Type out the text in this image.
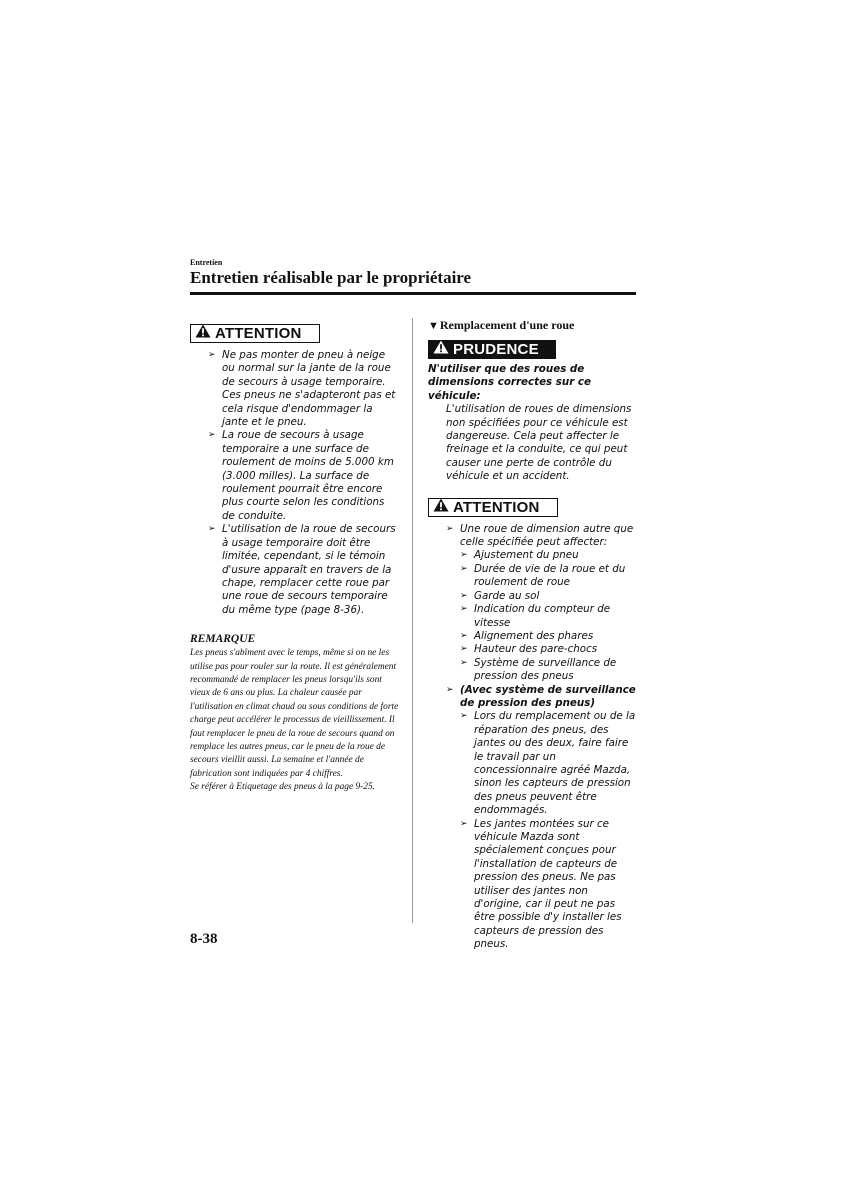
Entretien
Entretien réalisable par le propriétaire
ATTENTION
➢ Ne pas monter de pneu à neige ou normal sur la jante de la roue de secours à usage temporaire. Ces pneus ne s'adapteront pas et cela risque d'endommager la jante et le pneu.
➢ La roue de secours à usage temporaire a une surface de roulement de moins de 5.000 km (3.000 milles). La surface de roulement pourrait être encore plus courte selon les conditions de conduite.
➢ L'utilisation de la roue de secours à usage temporaire doit être limitée, cependant, si le témoin d'usure apparaît en travers de la chape, remplacer cette roue par une roue de secours temporaire du même type (page 8-36).
REMARQUE

Les pneus s'abîment avec le temps, même si on ne les utilise pas pour rouler sur la route. Il est généralement recommandé de remplacer les pneus lorsqu'ils sont vieux de 6 ans ou plus. La chaleur causée par l'utilisation en climat chaud ou sous conditions de forte charge peut accélérer le processus de vieillissement. Il faut remplacer le pneu de la roue de secours quand on remplace les autres pneus, car le pneu de la roue de secours vieillit aussi. La semaine et l'année de fabrication sont indiquées par 4 chiffres.

Se référer à Etiquetage des pneus à la page 9-25.

▼Remplacement d'une roue
PRUDENCE
N'utiliser que des roues de dimensions correctes sur ce véhicule:
L'utilisation de roues de dimensions non spécifiées pour ce véhicule est dangereuse. Cela peut affecter le freinage et la conduite, ce qui peut causer une perte de contrôle du véhicule et un accident.
ATTENTION
➢ Une roue de dimension autre que celle spécifiée peut affecter:
➢ Ajustement du pneu
➢ Durée de vie de la roue et du roulement de roue
➢ Garde au sol
➢ Indication du compteur de vitesse
➢ Alignement des phares
➢ Hauteur des pare-chocs
➢ Système de surveillance de pression des pneus
➢ (Avec système de surveillance de pression des pneus)
➢ Lors du remplacement ou de la réparation des pneus, des jantes ou des deux, faire faire le travail par un concessionnaire agréé Mazda, sinon les capteurs de pression des pneus peuvent être endommagés.
➢ Les jantes montées sur ce véhicule Mazda sont spécialement conçues pour l'installation de capteurs de pression des pneus. Ne pas utiliser des jantes non d'origine, car il peut ne pas être possible d'y installer les capteurs de pression des pneus.
8-38
